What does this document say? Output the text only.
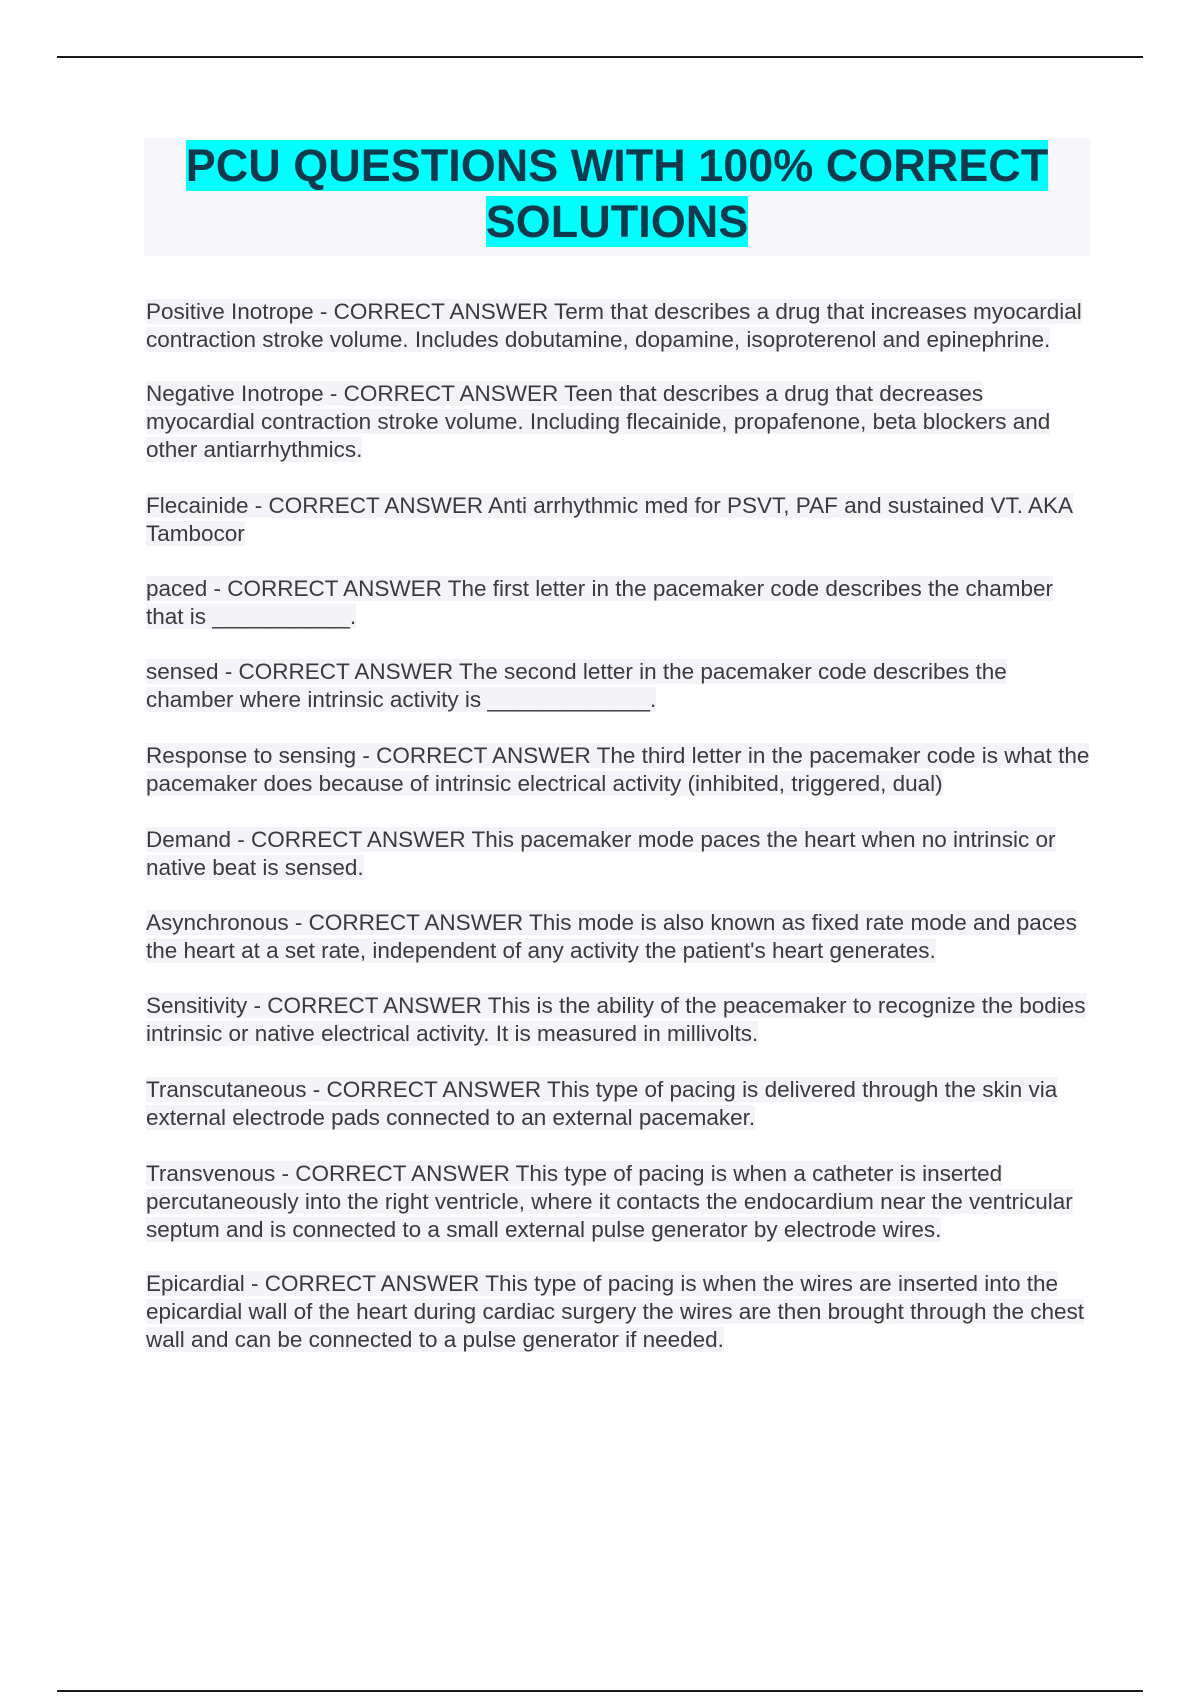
PCU QUESTIONS WITH 100% CORRECT
SOLUTIONS

Positive Inotrope - CORRECT ANSWER Term that describes a drug that increases myocardial contraction stroke volume. Includes dobutamine, dopamine, isoproterenol and epinephrine.

Negative Inotrope - CORRECT ANSWER Teen that describes a drug that decreases myocardial contraction stroke volume. Including flecainide, propafenone, beta blockers and other antiarrhythmics.

Flecainide - CORRECT ANSWER Anti arrhythmic med for PSVT, PAF and sustained VT. AKA Tambocor

paced - CORRECT ANSWER The first letter in the pacemaker code describes the chamber that is ___________.

sensed - CORRECT ANSWER The second letter in the pacemaker code describes the chamber where intrinsic activity is _____________.

Response to sensing - CORRECT ANSWER The third letter in the pacemaker code is what the pacemaker does because of intrinsic electrical activity (inhibited, triggered, dual)

Demand - CORRECT ANSWER This pacemaker mode paces the heart when no intrinsic or native beat is sensed.

Asynchronous - CORRECT ANSWER This mode is also known as fixed rate mode and paces the heart at a set rate, independent of any activity the patient's heart generates.

Sensitivity - CORRECT ANSWER This is the ability of the peacemaker to recognize the bodies intrinsic or native electrical activity. It is measured in millivolts.

Transcutaneous - CORRECT ANSWER This type of pacing is delivered through the skin via external electrode pads connected to an external pacemaker.

Transvenous - CORRECT ANSWER This type of pacing is when a catheter is inserted percutaneously into the right ventricle, where it contacts the endocardium near the ventricular septum and is connected to a small external pulse generator by electrode wires.

Epicardial - CORRECT ANSWER This type of pacing is when the wires are inserted into the epicardial wall of the heart during cardiac surgery the wires are then brought through the chest wall and can be connected to a pulse generator if needed.
